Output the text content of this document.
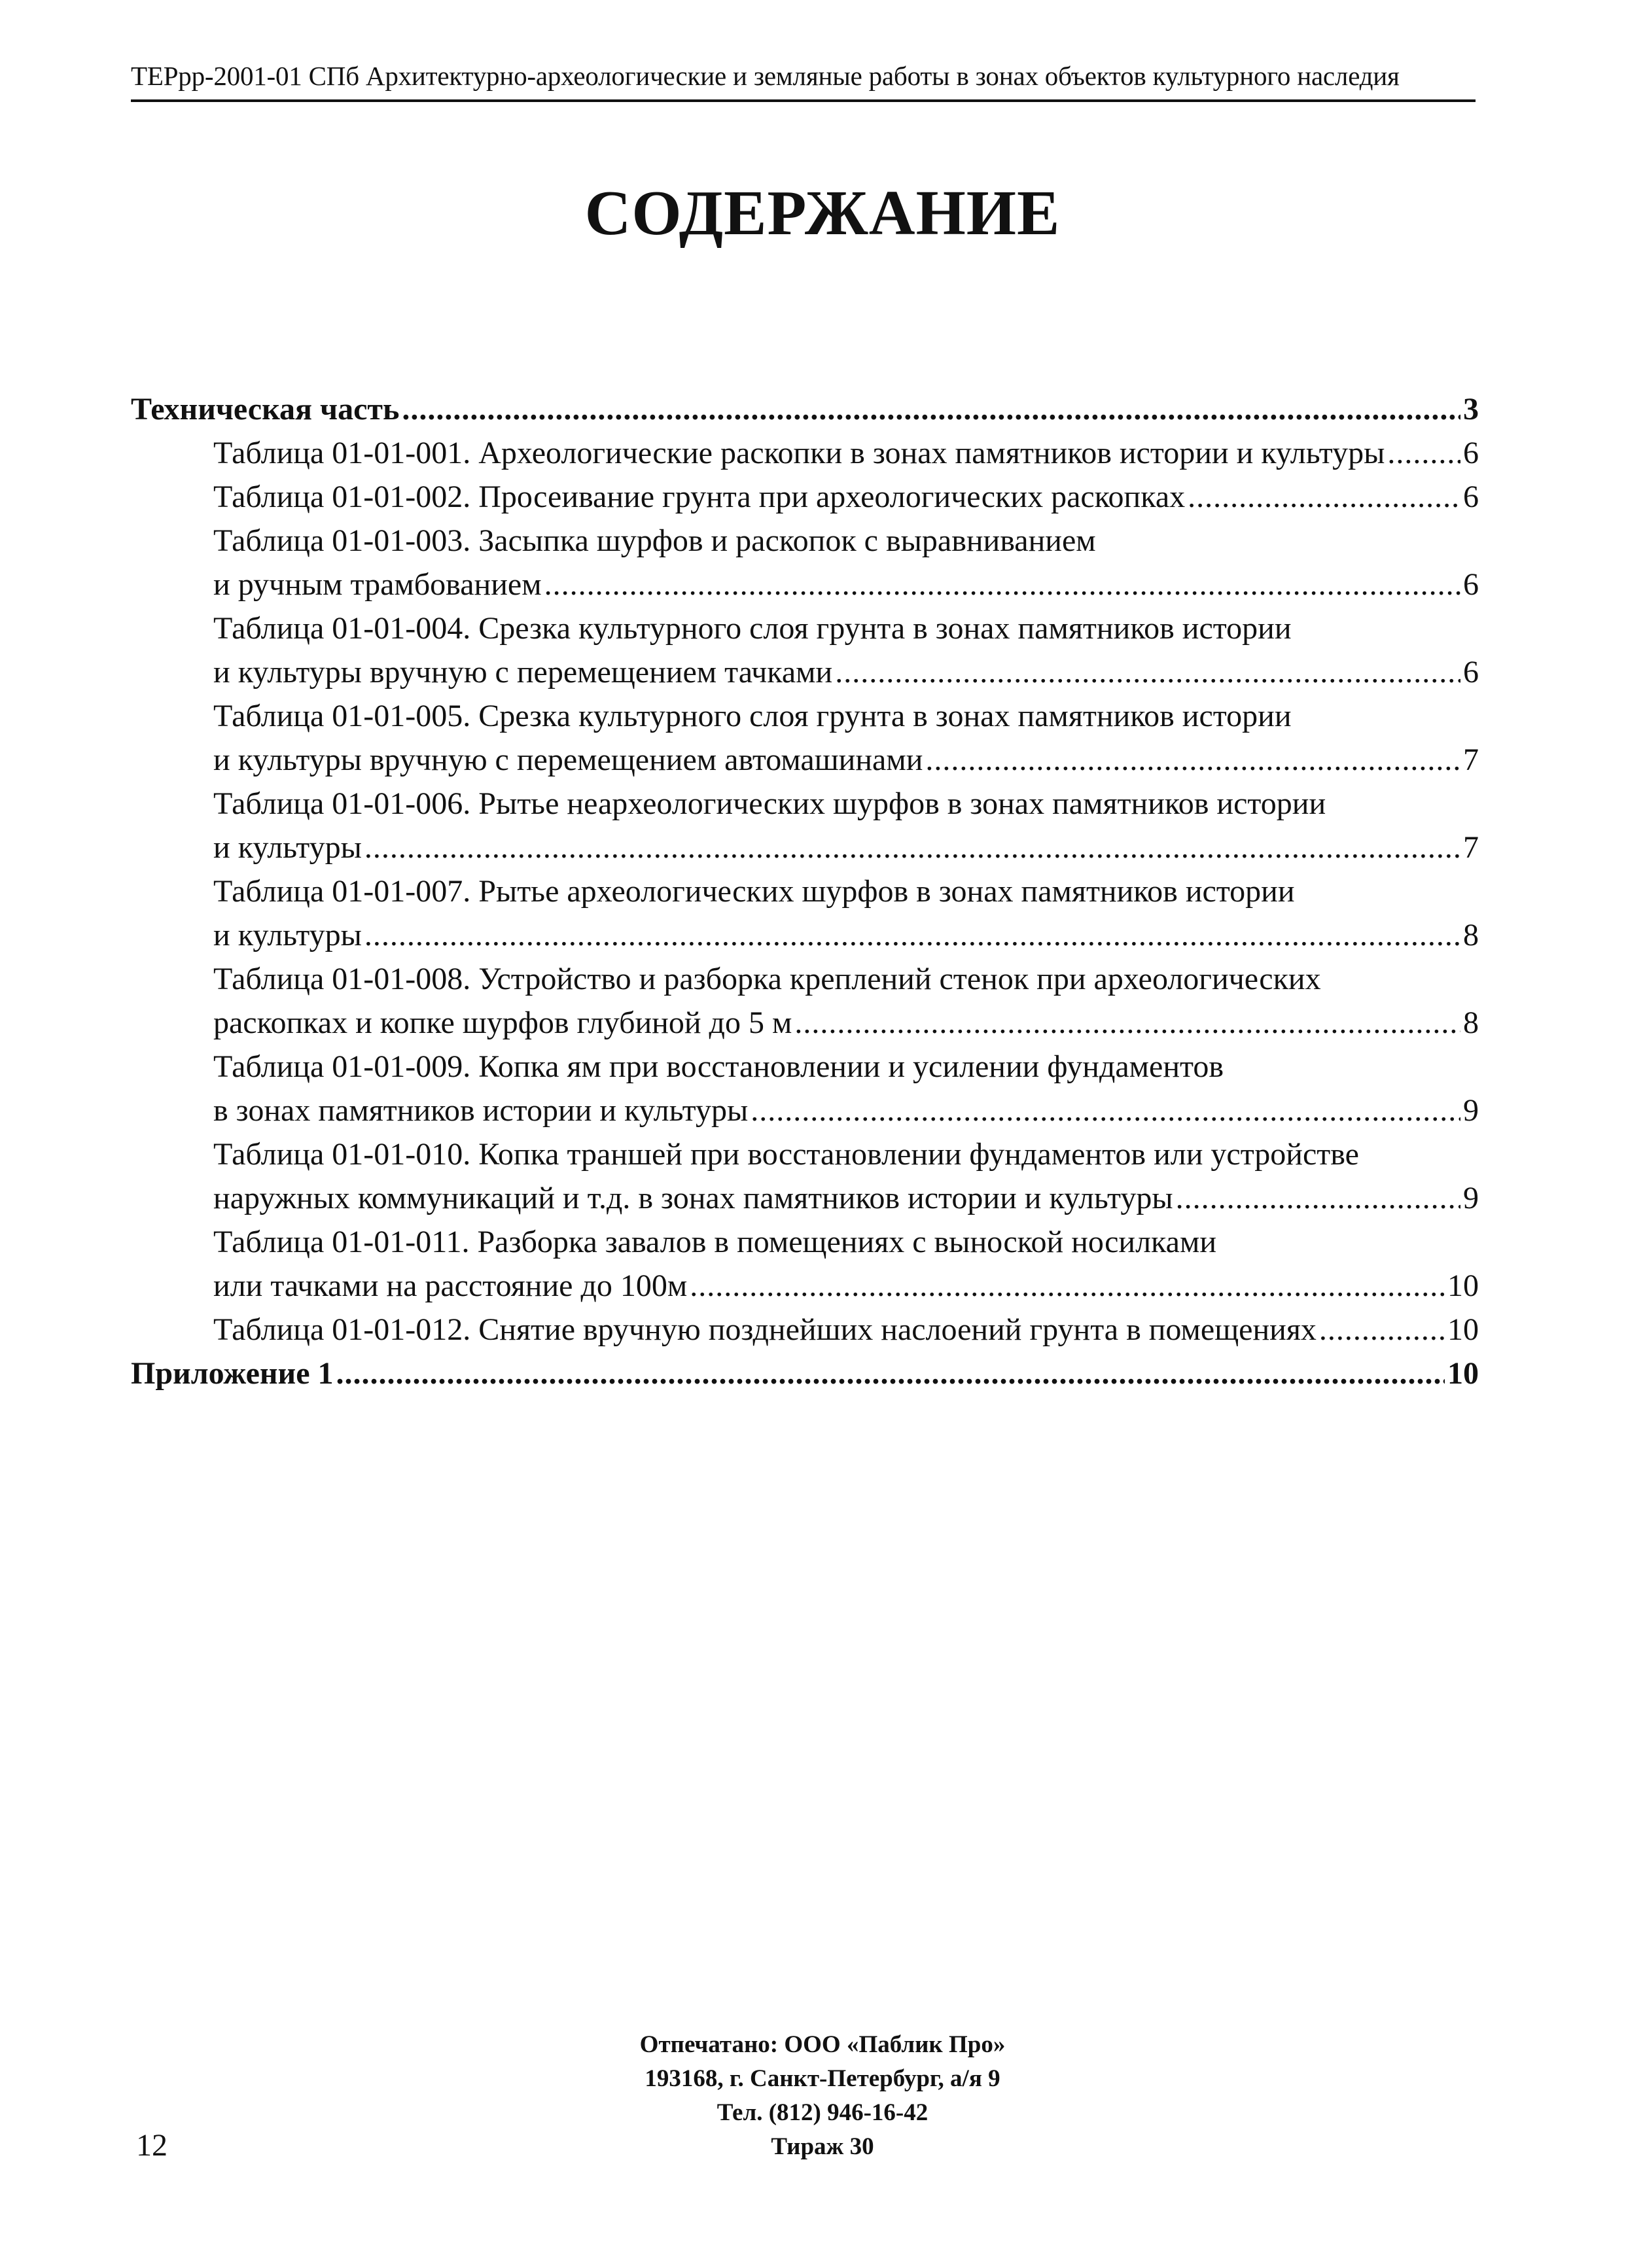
ТЕРрр-2001-01 СПб Архитектурно-археологические и земляные работы в зонах объектов культурного наследия
СОДЕРЖАНИЕ
Техническая часть .....	3
Таблица 01-01-001. Археологические раскопки в зонах памятников истории и культуры ..... 6
Таблица 01-01-002. Просеивание грунта при археологических раскопках .....	6
Таблица 01-01-003. Засыпка шурфов и раскопок с выравниванием
и ручным трамбованием .....	6
Таблица 01-01-004. Срезка культурного слоя грунта в зонах памятников истории
и культуры вручную с перемещением тачками .....	6
Таблица 01-01-005. Срезка культурного слоя грунта в зонах памятников истории
и культуры вручную с перемещением автомашинами .....	7
Таблица 01-01-006. Рытье неархеологических шурфов в зонах памятников истории
и культуры .....	7
Таблица 01-01-007. Рытье археологических шурфов в зонах памятников истории
и культуры .....	8
Таблица 01-01-008. Устройство и разборка креплений стенок при археологических
раскопках и копке шурфов глубиной до 5 м .....	8
Таблица 01-01-009. Копка ям при восстановлении и усилении фундаментов
в зонах памятников истории и культуры .....	9
Таблица 01-01-010. Копка траншей при восстановлении фундаментов или устройстве
наружных коммуникаций и т.д. в зонах памятников истории и культуры .....	9
Таблица 01-01-011. Разборка завалов в помещениях с выноской носилками
или тачками на расстояние до 100м .....	10
Таблица 01-01-012. Снятие вручную позднейших наслоений грунта в помещениях .....	10
Приложение 1 .....	10
Отпечатано: ООО «Паблик Про»
193168, г. Санкт-Петербург, а/я 9
Тел. (812) 946-16-42
Тираж 30
12
